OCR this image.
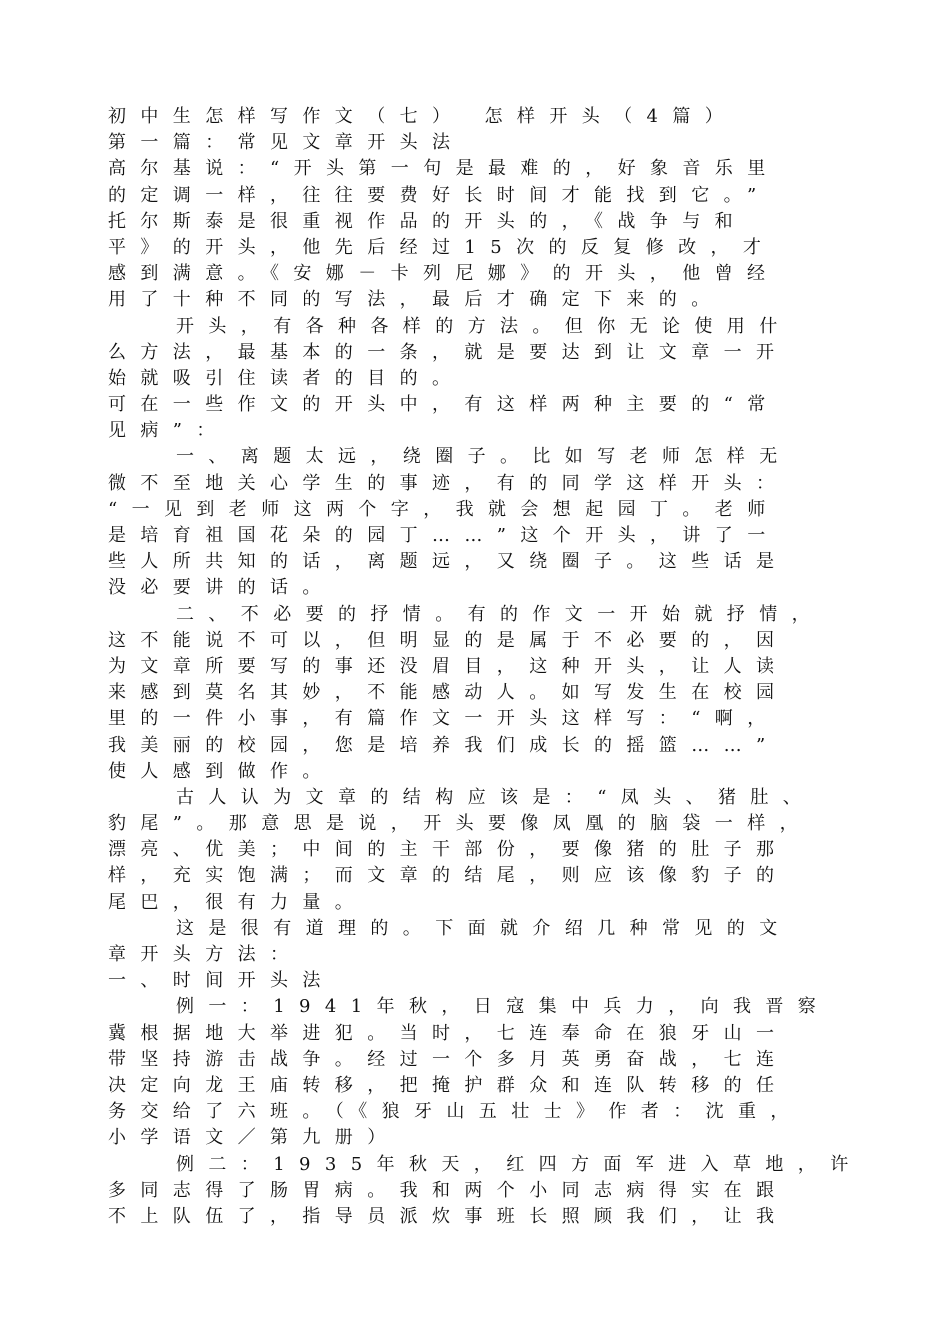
初中生怎样写作文（七） 怎样开头（4篇）
第一篇：常见文章开头法
高尔基说：“开头第一句是最难的，好象音乐里
的定调一样，往往要费好长时间才能找到它。”
托尔斯泰是很重视作品的开头的，《战争与和
平》的开头，他先后经过15次的反复修改，才
感到满意。《安娜－卡列尼娜》的开头，他曾经
用了十种不同的写法，最后才确定下来的。
开头，有各种各样的方法。但你无论使用什
么方法，最基本的一条，就是要达到让文章一开
始就吸引住读者的目的。
可在一些作文的开头中，有这样两种主要的“常
见病”：
一、离题太远，绕圈子。比如写老师怎样无
微不至地关心学生的事迹，有的同学这样开头：
“一见到老师这两个字，我就会想起园丁。老师
是培育祖国花朵的园丁……”这个开头，讲了一
些人所共知的话，离题远，又绕圈子。这些话是
没必要讲的话。
二、不必要的抒情。有的作文一开始就抒情，
这不能说不可以，但明显的是属于不必要的，因
为文章所要写的事还没眉目，这种开头，让人读
来感到莫名其妙，不能感动人。如写发生在校园
里的一件小事，有篇作文一开头这样写：“啊，
我美丽的校园，您是培养我们成长的摇篮……”
使人感到做作。
古人认为文章的结构应该是：“凤头、猪肚、
豹尾”。那意思是说，开头要像凤凰的脑袋一样，
漂亮、优美；中间的主干部份，要像猪的肚子那
样，充实饱满；而文章的结尾，则应该像豹子的
尾巴，很有力量。
这是很有道理的。下面就介绍几种常见的文
章开头方法：
一、时间开头法
例一：1941年秋，日寇集中兵力，向我晋察
冀根据地大举进犯。当时，七连奉命在狼牙山一
带坚持游击战争。经过一个多月英勇奋战，七连
决定向龙王庙转移，把掩护群众和连队转移的任
务交给了六班。（《狼牙山五壮士》作者：沈重，
小学语文／第九册）
例二：1935年秋天，红四方面军进入草地，许
多同志得了肠胃病。我和两个小同志病得实在跟
不上队伍了，指导员派炊事班长照顾我们，让我
